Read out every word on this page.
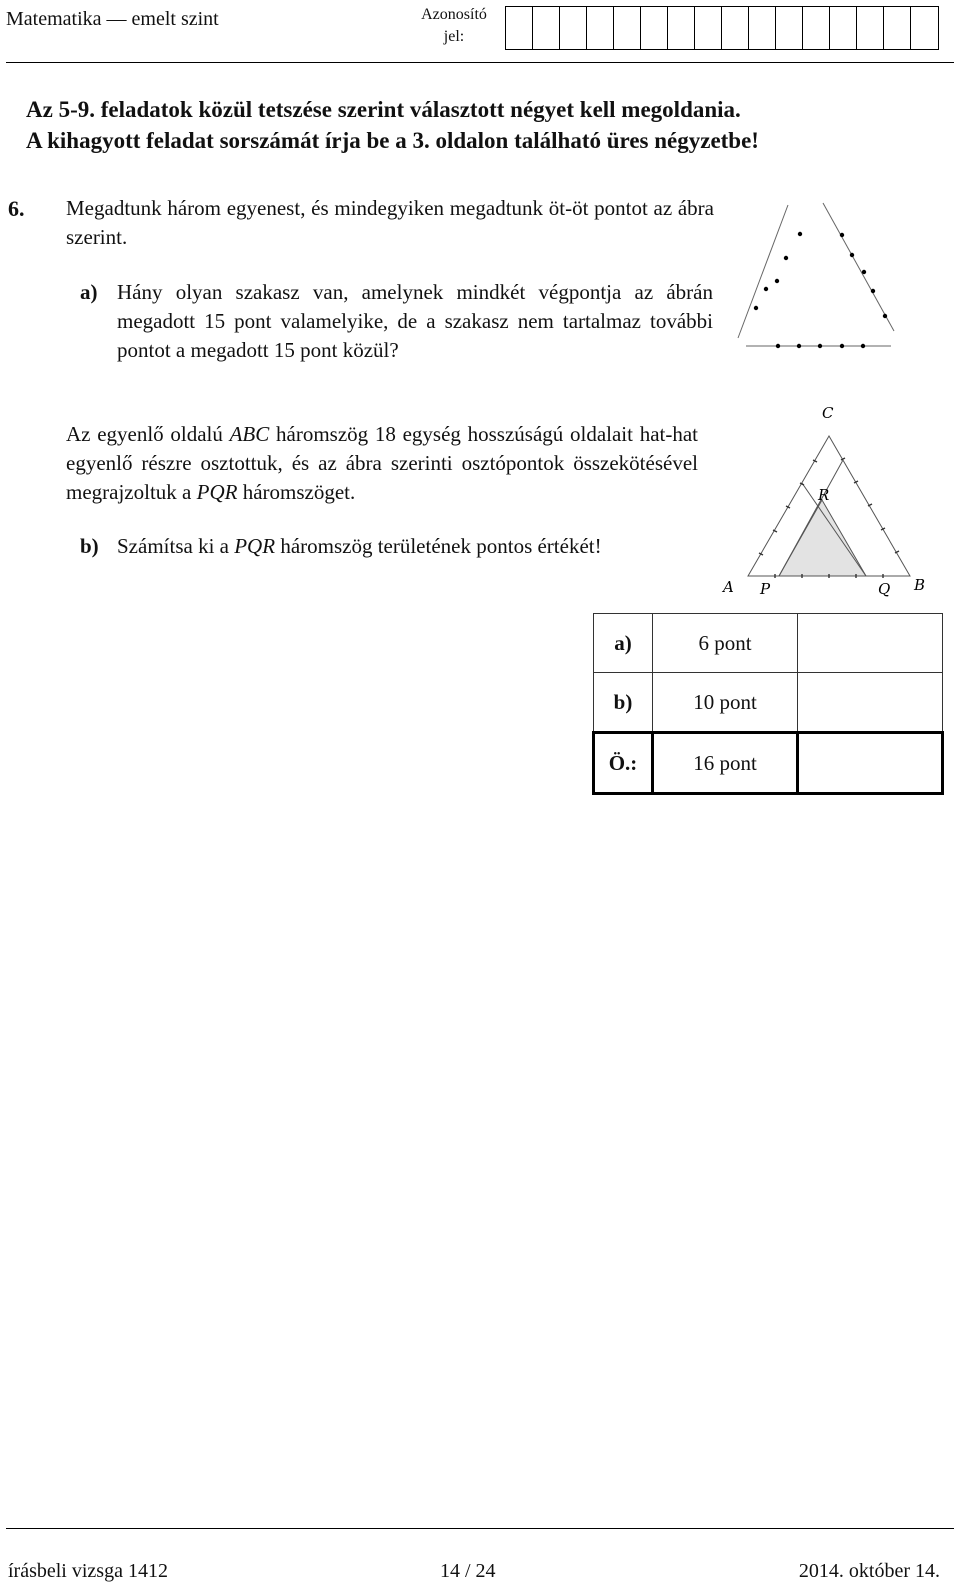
Matematika — emelt szint	Azonosító jel:
Az 5-9. feladatok közül tetszése szerint választott négyet kell megoldania.
A kihagyott feladat sorszámát írja be a 3. oldalon található üres négyzetbe!
6. Megadtunk három egyenest, és mindegyiken megadtunk öt-öt pontot az ábra szerint.
a) Hány olyan szakasz van, amelynek mindkét végpontja az ábrán megadott 15 pont valamelyike, de a szakasz nem tartalmaz további pontot a megadott 15 pont közül?
Az egyenlő oldalú ABC háromszög 18 egység hosszúságú oldalait hat-hat egyenlő részre osztottuk, és az ábra szerinti osztópontok összekötésével megrajzoltuk a PQR háromszöget.
b) Számítsa ki a PQR háromszög területének pontos értékét!
C
R
A P	Q B
a)	6 pont	
b)	10 pont	
Ö.:	16 pont	
írásbeli vizsga 1412	14 / 24	2014. október 14.
